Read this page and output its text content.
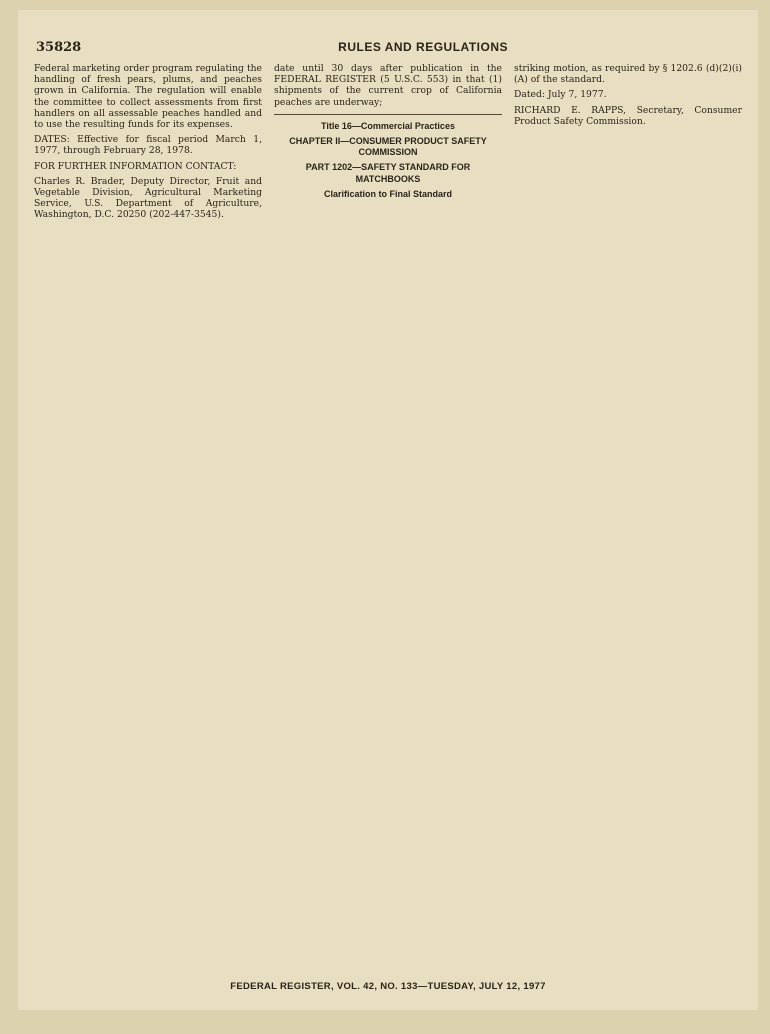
35828	RULES AND REGULATIONS

Federal marketing order program regulating the handling of fresh pears, plums, and peaches grown in California. The regulation will enable the committee to collect assessments from first handlers on all assessable peaches handled and to use the resulting funds for its expenses.

DATES: Effective for fiscal period March 1, 1977, through February 28, 1978.

FOR FURTHER INFORMATION CONTACT:

Charles R. Brader, Deputy Director, Fruit and Vegetable Division, Agricultural Marketing Service, U.S. Department of Agriculture, Washington, D.C. 20250 (202-447-3545).

date until 30 days after publication in the FEDERAL REGISTER (5 U.S.C. 553) in that (1) shipments of the current crop of California peaches are underway;

Title 16—Commercial Practices
CHAPTER II—CONSUMER PRODUCT SAFETY COMMISSION
PART 1202—SAFETY STANDARD FOR MATCHBOOKS
Clarification to Final Standard

striking motion, as required by § 1202.6 (d)(2)(i)(A) of the standard.

Dated: July 7, 1977.

RICHARD E. RAPPS, Secretary, Consumer Product Safety Commission.

FEDERAL REGISTER, VOL. 42, NO. 133—TUESDAY, JULY 12, 1977
